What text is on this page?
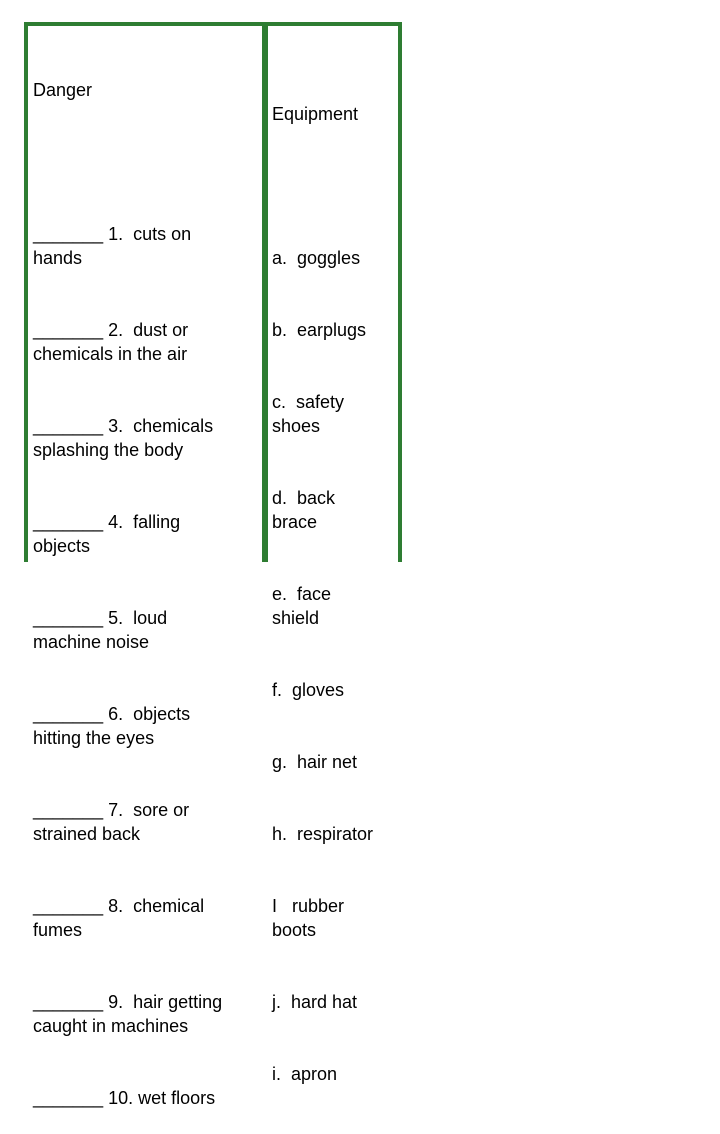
Danger

_______ 1.  cuts on
hands

_______ 2.  dust or
chemicals in the air

_______ 3.  chemicals
splashing the body

_______ 4.  falling
objects

_______ 5.  loud
machine noise

_______ 6.  objects
hitting the eyes

_______ 7.  sore or
strained back

_______ 8.  chemical
fumes

_______ 9.  hair getting
caught in machines

_______ 10. wet floors

Equipment

a.  goggles

b.  earplugs

c.  safety
shoes

d.  back
brace

e.  face
shield

f.  gloves

g.  hair net

h.  respirator

I   rubber
boots

j.  hard hat

i.  apron
